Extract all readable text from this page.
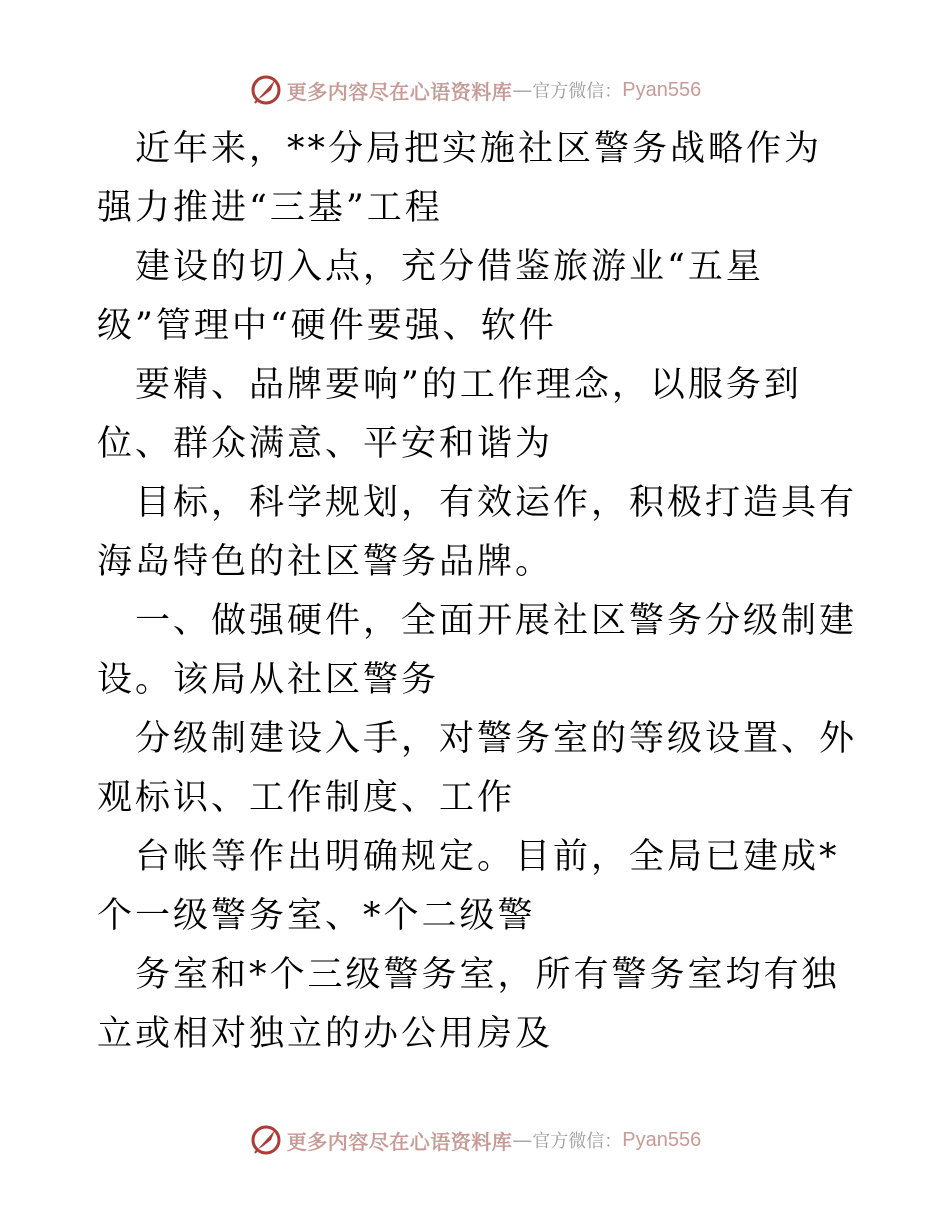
更多内容尽在心语资料库 — 官方微信： Pyan556

近年来，**分局把实施社区警务战略作为强力推进“三基”工程

建设的切入点，充分借鉴旅游业“五星级”管理中“硬件要强、软件

要精、品牌要响”的工作理念，以服务到位、群众满意、平安和谐为

目标，科学规划，有效运作，积极打造具有海岛特色的社区警务品牌。

一、做强硬件，全面开展社区警务分级制建设。该局从社区警务

分级制建设入手，对警务室的等级设置、外观标识、工作制度、工作

台帐等作出明确规定。目前，全局已建成*个一级警务室、*个二级警

务室和*个三级警务室，所有警务室均有独立或相对独立的办公用房及

更多内容尽在心语资料库 — 官方微信： Pyan556
